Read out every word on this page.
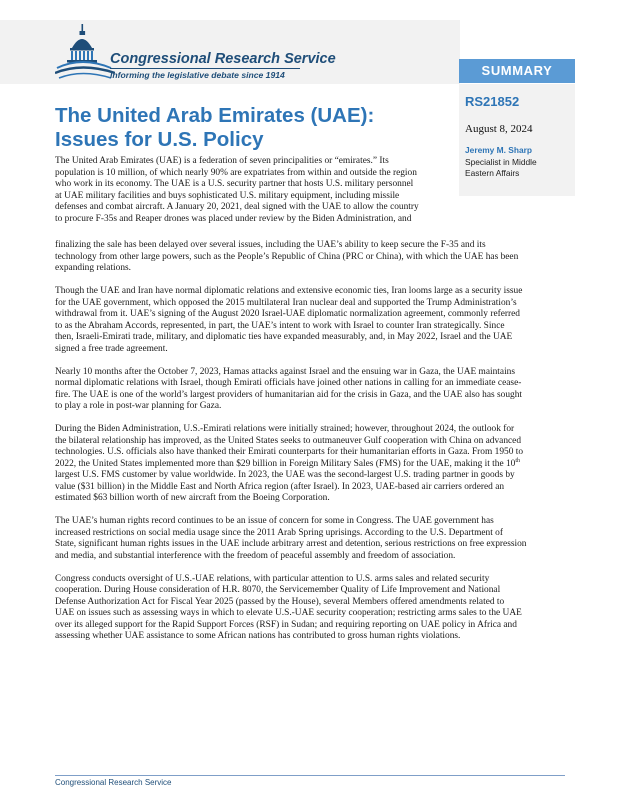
Congressional Research Service
Informing the legislative debate since 1914	SUMMARY
RS21852
August 8, 2024
Jeremy M. Sharp
Specialist in Middle
Eastern Affairs
The United Arab Emirates (UAE):
Issues for U.S. Policy
The United Arab Emirates (UAE) is a federation of seven principalities or “emirates.” Its
population is 10 million, of which nearly 90% are expatriates from within and outside the region
who work in its economy. The UAE is a U.S. security partner that hosts U.S. military personnel
at UAE military facilities and buys sophisticated U.S. military equipment, including missile
defenses and combat aircraft. A January 20, 2021, deal signed with the UAE to allow the country
to procure F-35s and Reaper drones was placed under review by the Biden Administration, and
finalizing the sale has been delayed over several issues, including the UAE’s ability to keep secure the F-35 and its
technology from other large powers, such as the People’s Republic of China (PRC or China), with which the UAE has been
expanding relations.
Though the UAE and Iran have normal diplomatic relations and extensive economic ties, Iran looms large as a security issue
for the UAE government, which opposed the 2015 multilateral Iran nuclear deal and supported the Trump Administration’s
withdrawal from it. UAE’s signing of the August 2020 Israel-UAE diplomatic normalization agreement, commonly referred
to as the Abraham Accords, represented, in part, the UAE’s intent to work with Israel to counter Iran strategically. Since
then, Israeli-Emirati trade, military, and diplomatic ties have expanded measurably, and, in May 2022, Israel and the UAE
signed a free trade agreement.
Nearly 10 months after the October 7, 2023, Hamas attacks against Israel and the ensuing war in Gaza, the UAE maintains
normal diplomatic relations with Israel, though Emirati officials have joined other nations in calling for an immediate cease-
fire. The UAE is one of the world’s largest providers of humanitarian aid for the crisis in Gaza, and the UAE also has sought
to play a role in post-war planning for Gaza.
During the Biden Administration, U.S.-Emirati relations were initially strained; however, throughout 2024, the outlook for
the bilateral relationship has improved, as the United States seeks to outmaneuver Gulf cooperation with China on advanced
technologies. U.S. officials also have thanked their Emirati counterparts for their humanitarian efforts in Gaza. From 1950 to
2022, the United States implemented more than $29 billion in Foreign Military Sales (FMS) for the UAE, making it the 10th
largest U.S. FMS customer by value worldwide. In 2023, the UAE was the second-largest U.S. trading partner in goods by
value ($31 billion) in the Middle East and North Africa region (after Israel). In 2023, UAE-based air carriers ordered an
estimated $63 billion worth of new aircraft from the Boeing Corporation.
The UAE’s human rights record continues to be an issue of concern for some in Congress. The UAE government has
increased restrictions on social media usage since the 2011 Arab Spring uprisings. According to the U.S. Department of
State, significant human rights issues in the UAE include arbitrary arrest and detention, serious restrictions on free expression
and media, and substantial interference with the freedom of peaceful assembly and freedom of association.
Congress conducts oversight of U.S.-UAE relations, with particular attention to U.S. arms sales and related security
cooperation. During House consideration of H.R. 8070, the Servicemember Quality of Life Improvement and National
Defense Authorization Act for Fiscal Year 2025 (passed by the House), several Members offered amendments related to
UAE on issues such as assessing ways in which to elevate U.S.-UAE security cooperation; restricting arms sales to the UAE
over its alleged support for the Rapid Support Forces (RSF) in Sudan; and requiring reporting on UAE policy in Africa and
assessing whether UAE assistance to some African nations has contributed to gross human rights violations.
Congressional Research Service
